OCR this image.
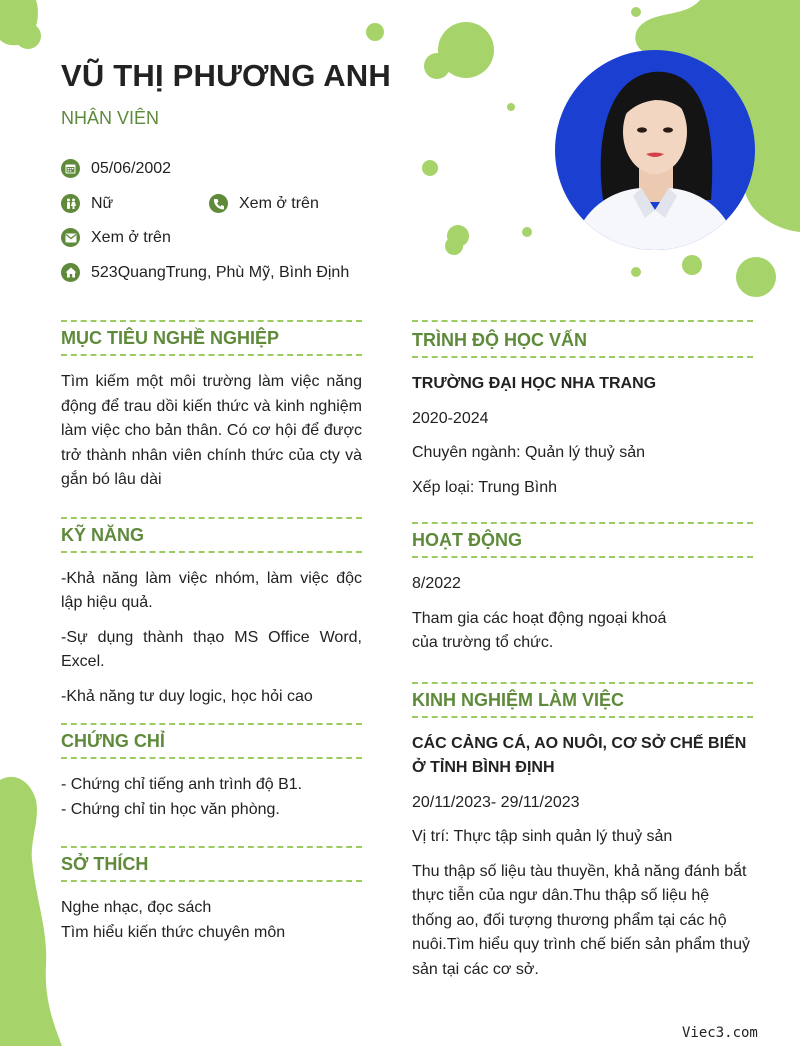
VŨ THỊ PHƯƠNG ANH
NHÂN VIÊN
05/06/2002
Nữ	Xem ở trên
Xem ở trên
523QuangTrung, Phù Mỹ, Bình Định
MỤC TIÊU NGHỀ NGHIỆP

Tìm kiếm một môi trường làm việc năng động để trau dồi kiến thức và kinh nghiệm làm việc cho bản thân. Có cơ hội để được trở thành nhân viên chính thức của cty và gắn bó lâu dài

KỸ NĂNG

-Khả năng làm việc nhóm, làm việc độc lập hiệu quả.

-Sự dụng thành thạo MS Office Word, Excel.

-Khả năng tư duy logic, học hỏi cao

CHỨNG CHỈ

- Chứng chỉ tiếng anh trình độ B1.

- Chứng chỉ tin học văn phòng.

SỞ THÍCH

Nghe nhạc, đọc sách

Tìm hiểu kiến thức chuyên môn

TRÌNH ĐỘ HỌC VẤN

TRƯỜNG ĐẠI HỌC NHA TRANG

2020-2024

Chuyên ngành: Quản lý thuỷ sản

Xếp loại: Trung Bình

HOẠT ĐỘNG

8/2022

Tham gia các hoạt động ngoại khoá

của trường tổ chức.

KINH NGHIỆM LÀM VIỆC

CÁC CẢNG CÁ, AO NUÔI, CƠ SỞ CHẾ BIẾN Ở TỈNH BÌNH ĐỊNH

20/11/2023- 29/11/2023

Vị trí: Thực tập sinh quản lý thuỷ sản

Thu thập số liệu tàu thuyền, khả năng đánh bắt thực tiễn của ngư dân.Thu thập số liệu hệ thống ao, đối tượng thương phẩm tại các hộ nuôi.Tìm hiểu quy trình chế biến sản phẩm thuỷ sản tại các cơ sở.

Viec3.com
